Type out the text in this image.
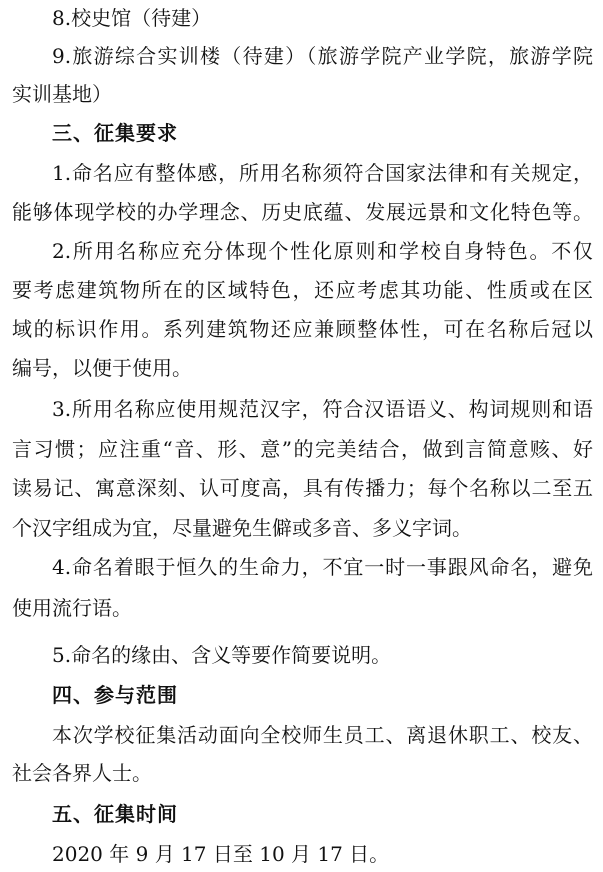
8.校史馆（待建）
9.旅游综合实训楼（待建）（旅游学院产业学院，旅游学院
实训基地）
三、征集要求
1.命名应有整体感，所用名称须符合国家法律和有关规定，
能够体现学校的办学理念、历史底蕴、发展远景和文化特色等。
2.所用名称应充分体现个性化原则和学校自身特色。不仅
要考虑建筑物所在的区域特色，还应考虑其功能、性质或在区
域的标识作用。系列建筑物还应兼顾整体性，可在名称后冠以
编号，以便于使用。
3.所用名称应使用规范汉字，符合汉语语义、构词规则和语
言习惯；应注重“音、形、意”的完美结合，做到言简意赅、好
读易记、寓意深刻、认可度高，具有传播力；每个名称以二至五
个汉字组成为宜，尽量避免生僻或多音、多义字词。
4.命名着眼于恒久的生命力，不宜一时一事跟风命名，避免
使用流行语。
5.命名的缘由、含义等要作简要说明。
四、参与范围
本次学校征集活动面向全校师生员工、离退休职工、校友、
社会各界人士。
五、征集时间
2020 年 9 月 17 日至 10 月 17 日。
